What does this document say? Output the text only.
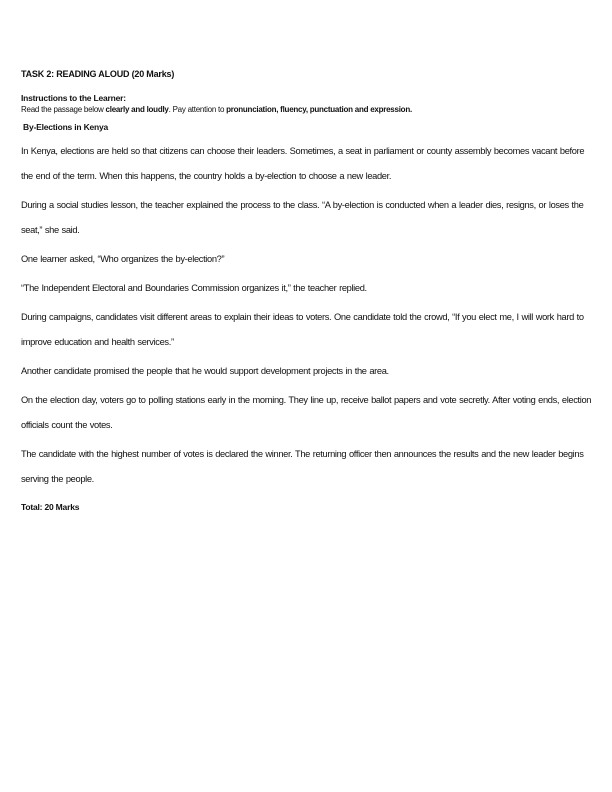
TASK 2: READING ALOUD (20 Marks)

Instructions to the Learner:

Read the passage below clearly and loudly. Pay attention to pronunciation, fluency, punctuation and expression.

By-Elections in Kenya

In Kenya, elections are held so that citizens can choose their leaders. Sometimes, a seat in parliament or county assembly becomes vacant before the end of the term. When this happens, the country holds a by-election to choose a new leader.

During a social studies lesson, the teacher explained the process to the class. “A by-election is conducted when a leader dies, resigns, or loses the seat,” she said.

One learner asked, “Who organizes the by-election?”

“The Independent Electoral and Boundaries Commission organizes it,” the teacher replied.

During campaigns, candidates visit different areas to explain their ideas to voters. One candidate told the crowd, “If you elect me, I will work hard to improve education and health services.”

Another candidate promised the people that he would support development projects in the area.

On the election day, voters go to polling stations early in the morning. They line up, receive ballot papers and vote secretly. After voting ends, election officials count the votes.

The candidate with the highest number of votes is declared the winner. The returning officer then announces the results and the new leader begins serving the people.

Total: 20 Marks
